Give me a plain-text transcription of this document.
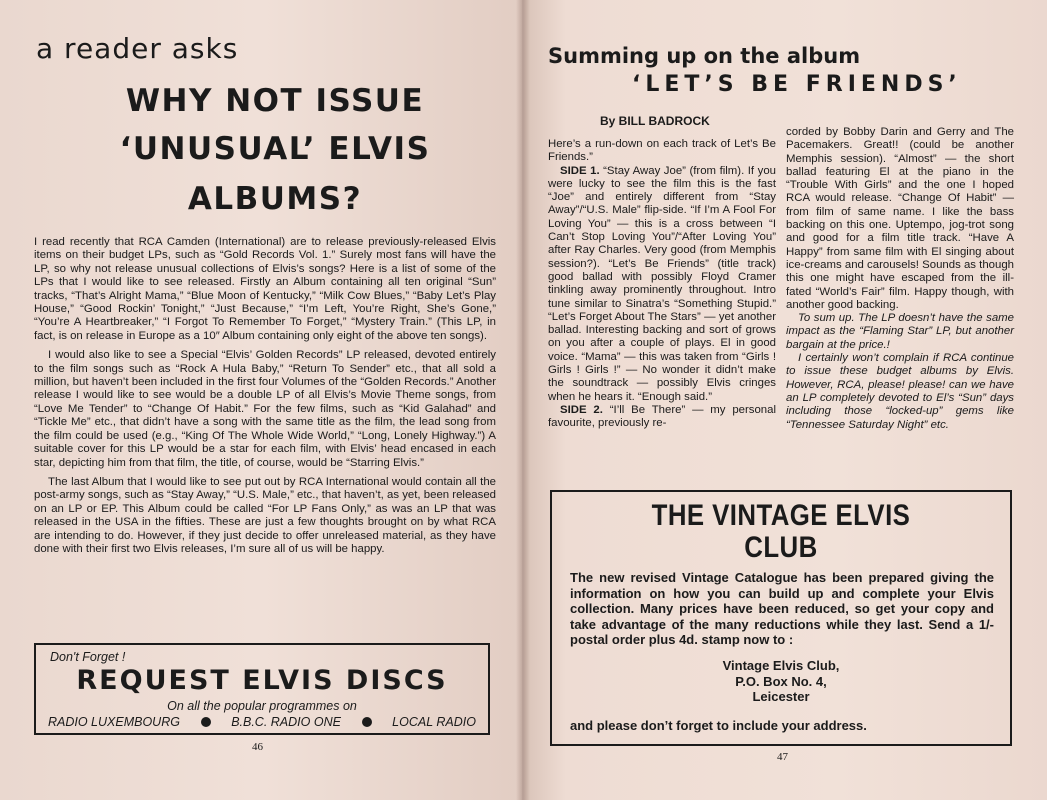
a reader asks
WHY NOT ISSUE
‘UNUSUAL’ ELVIS
ALBUMS?

I read recently that RCA Camden (International) are to release previously-released Elvis items on their budget LPs, such as “Gold Records Vol. 1.” Surely most fans will have the LP, so why not release unusual collections of Elvis’s songs? Here is a list of some of the LPs that I would like to see released. Firstly an Album containing all ten original “Sun” tracks, “That’s Alright Mama,” “Blue Moon of Kentucky,” “Milk Cow Blues,” “Baby Let’s Play House,” “Good Rockin’ Tonight,” “Just Because,” “I’m Left, You’re Right, She’s Gone,” “You’re A Heartbreaker,” “I Forgot To Remember To Forget,” “Mystery Train.” (This LP, in fact, is on release in Europe as a 10″ Album containing only eight of the above ten songs).

I would also like to see a Special “Elvis’ Golden Records” LP released, devoted entirely to the film songs such as “Rock A Hula Baby,” “Return To Sender” etc., that all sold a million, but haven’t been included in the first four Volumes of the “Golden Records.” Another release I would like to see would be a double LP of all Elvis’s Movie Theme songs, from “Love Me Tender” to “Change Of Habit.” For the few films, such as “Kid Galahad” and “Tickle Me” etc., that didn’t have a song with the same title as the film, the lead song from the film could be used (e.g., “King Of The Whole Wide World,” “Long, Lonely Highway.”) A suitable cover for this LP would be a star for each film, with Elvis’ head encased in each star, depicting him from that film, the title, of course, would be “Starring Elvis.”

The last Album that I would like to see put out by RCA International would contain all the post-army songs, such as “Stay Away,” “U.S. Male,” etc., that haven’t, as yet, been released on an LP or EP. This Album could be called “For LP Fans Only,” as was an LP that was released in the USA in the fifties. These are just a few thoughts brought on by what RCA are intending to do. However, if they just decide to offer unreleased material, as they have done with their first two Elvis releases, I’m sure all of us will be happy.

Don't Forget !
REQUEST ELVIS DISCS
On all the popular programmes on
RADIO LUXEMBOURG	B.B.C. RADIO ONE	LOCAL RADIO
46
Summing up on the album
‘LET’S BE FRIENDS’
By BILL BADROCK

Here’s a run-down on each track of Let’s Be Friends.”

SIDE 1. “Stay Away Joe” (from film). If you were lucky to see the film this is the fast “Joe” and entirely different from “Stay Away”/“U.S. Male” flip-side. “If I’m A Fool For Loving You” — this is a cross between “I Can’t Stop Loving You”/“After Loving You” after Ray Charles. Very good (from Memphis session?). “Let’s Be Friends” (title track) good ballad with possibly Floyd Cramer tinkling away prominently throughout. Intro tune similar to Sinatra’s “Something Stupid.” “Let’s Forget About The Stars” — yet another ballad. Interesting backing and sort of grows on you after a couple of plays. El in good voice. “Mama” — this was taken from “Girls ! Girls ! Girls !” — No wonder it didn’t make the soundtrack — possibly Elvis cringes when he hears it. “Enough said.”

SIDE 2. “I’ll Be There” — my personal favourite, previously re-

corded by Bobby Darin and Gerry and The Pacemakers. Great!! (could be another Memphis session). “Almost” — the short ballad featuring El at the piano in the “Trouble With Girls” and the one I hoped RCA would release. “Change Of Habit” — from film of same name. I like the bass backing on this one. Uptempo, jog-trot song and good for a film title track. “Have A Happy” from same film with El singing about ice-creams and carousels! Sounds as though this one might have escaped from the ill-fated “World’s Fair” film. Happy though, with another good backing.

To sum up. The LP doesn’t have the same impact as the “Flaming Star” LP, but another bargain at the price.!

I certainly won’t complain if RCA continue to issue these budget albums by Elvis. However, RCA, please! please! can we have an LP completely devoted to El’s “Sun” days including those “locked-up” gems like “Tennessee Saturday Night” etc.

THE VINTAGE ELVIS
CLUB
The new revised Vintage Catalogue has been prepared giving the information on how you can build up and complete your Elvis collection. Many prices have been reduced, so get your copy and take advantage of the many reductions while they last. Send a 1/- postal order plus 4d. stamp now to :
Vintage Elvis Club,
P.O. Box No. 4,
Leicester
and please don’t forget to include your address.
47
